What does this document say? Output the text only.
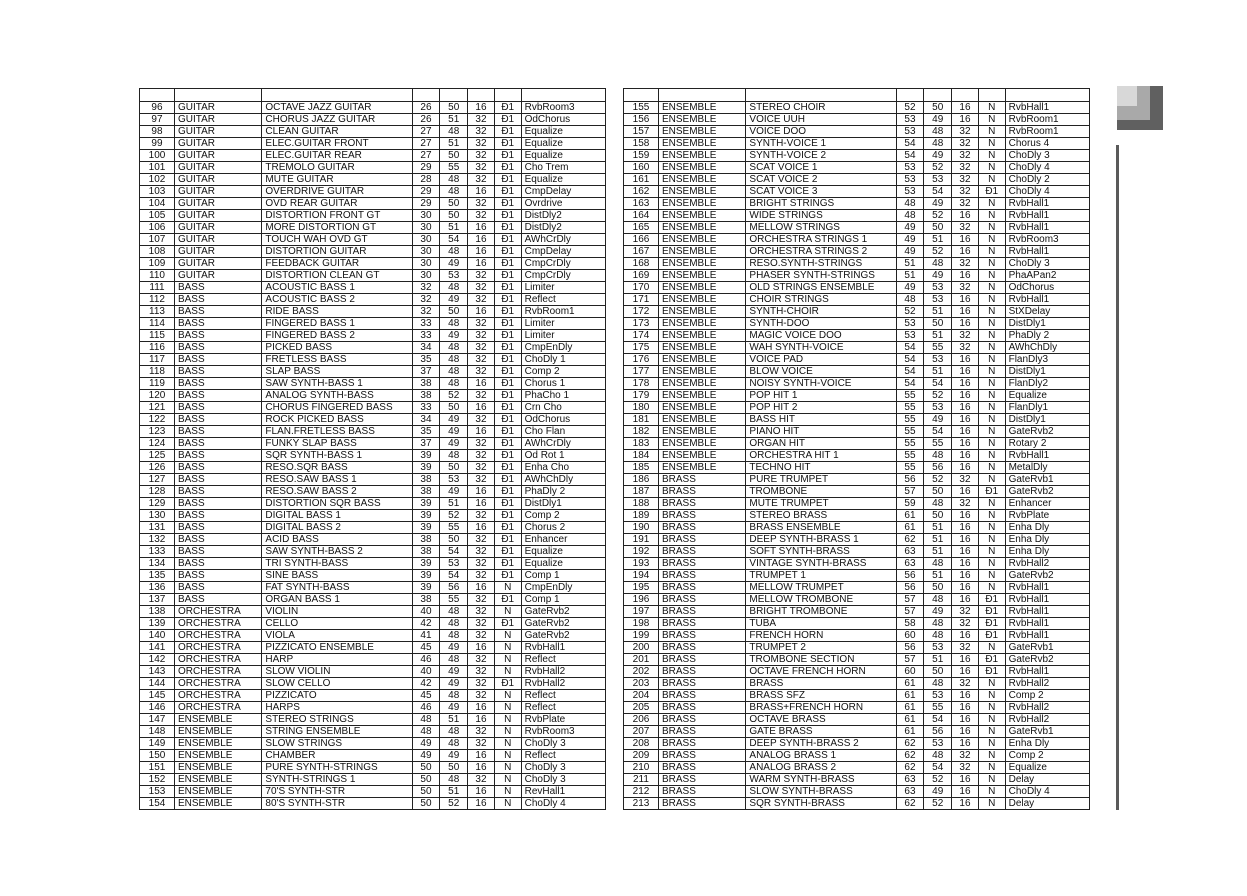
96	GUITAR	OCTAVE JAZZ GUITAR	26	50	16	Ð1	RvbRoom3
97	GUITAR	CHORUS JAZZ GUITAR	26	51	32	Ð1	OdChorus
98	GUITAR	CLEAN GUITAR	27	48	32	Ð1	Equalize
99	GUITAR	ELEC.GUITAR FRONT	27	51	32	Ð1	Equalize
100	GUITAR	ELEC.GUITAR REAR	27	50	32	Ð1	Equalize
101	GUITAR	TREMOLO GUITAR	29	55	32	Ð1	Cho Trem
102	GUITAR	MUTE GUITAR	28	48	32	Ð1	Equalize
103	GUITAR	OVERDRIVE GUITAR	29	48	16	Ð1	CmpDelay
104	GUITAR	OVD REAR GUITAR	29	50	32	Ð1	Ovrdrive
105	GUITAR	DISTORTION FRONT GT	30	50	32	Ð1	DistDly2
106	GUITAR	MORE DISTORTION GT	30	51	16	Ð1	DistDly2
107	GUITAR	TOUCH WAH OVD GT	30	54	16	Ð1	AWhCrDly
108	GUITAR	DISTORTION GUITAR	30	48	16	Ð1	CmpDelay
109	GUITAR	FEEDBACK GUITAR	30	49	16	Ð1	CmpCrDly
110	GUITAR	DISTORTION CLEAN GT	30	53	32	Ð1	CmpCrDly
111	BASS	ACOUSTIC BASS 1	32	48	32	Ð1	Limiter
112	BASS	ACOUSTIC BASS 2	32	49	32	Ð1	Reflect
113	BASS	RIDE BASS	32	50	16	Ð1	RvbRoom1
114	BASS	FINGERED BASS 1	33	48	32	Ð1	Limiter
115	BASS	FINGERED BASS 2	33	49	32	Ð1	Limiter
116	BASS	PICKED BASS	34	48	32	Ð1	CmpEnDly
117	BASS	FRETLESS BASS	35	48	32	Ð1	ChoDly 1
118	BASS	SLAP BASS	37	48	32	Ð1	Comp 2
119	BASS	SAW SYNTH-BASS 1	38	48	16	Ð1	Chorus 1
120	BASS	ANALOG SYNTH-BASS	38	52	32	Ð1	PhaCho 1
121	BASS	CHORUS FINGERED BASS	33	50	16	Ð1	Crn Cho
122	BASS	ROCK PICKED BASS	34	49	32	Ð1	OdChorus
123	BASS	FLAN.FRETLESS BASS	35	49	16	Ð1	Cho Flan
124	BASS	FUNKY SLAP BASS	37	49	32	Ð1	AWhCrDly
125	BASS	SQR SYNTH-BASS 1	39	48	32	Ð1	Od Rot 1
126	BASS	RESO.SQR BASS	39	50	32	Ð1	Enha Cho
127	BASS	RESO.SAW BASS 1	38	53	32	Ð1	AWhChDly
128	BASS	RESO.SAW BASS 2	38	49	16	Ð1	PhaDly 2
129	BASS	DISTORTION SQR BASS	39	51	16	Ð1	DistDly1
130	BASS	DIGITAL BASS 1	39	52	32	Ð1	Comp 2
131	BASS	DIGITAL BASS 2	39	55	16	Ð1	Chorus 2
132	BASS	ACID BASS	38	50	32	Ð1	Enhancer
133	BASS	SAW SYNTH-BASS 2	38	54	32	Ð1	Equalize
134	BASS	TRI SYNTH-BASS	39	53	32	Ð1	Equalize
135	BASS	SINE BASS	39	54	32	Ð1	Comp 1
136	BASS	FAT SYNTH-BASS	39	56	16	N	CmpEnDly
137	BASS	ORGAN BASS 1	38	55	32	Ð1	Comp 1
138	ORCHESTRA	VIOLIN	40	48	32	N	GateRvb2
139	ORCHESTRA	CELLO	42	48	32	Ð1	GateRvb2
140	ORCHESTRA	VIOLA	41	48	32	N	GateRvb2
141	ORCHESTRA	PIZZICATO ENSEMBLE	45	49	16	N	RvbHall1
142	ORCHESTRA	HARP	46	48	32	N	Reflect
143	ORCHESTRA	SLOW VIOLIN	40	49	32	N	RvbHall2
144	ORCHESTRA	SLOW CELLO	42	49	32	Ð1	RvbHall2
145	ORCHESTRA	PIZZICATO	45	48	32	N	Reflect
146	ORCHESTRA	HARPS	46	49	16	N	Reflect
147	ENSEMBLE	STEREO STRINGS	48	51	16	N	RvbPlate
148	ENSEMBLE	STRING ENSEMBLE	48	48	32	N	RvbRoom3
149	ENSEMBLE	SLOW STRINGS	49	48	32	N	ChoDly 3
150	ENSEMBLE	CHAMBER	49	49	16	N	Reflect
151	ENSEMBLE	PURE SYNTH-STRINGS	50	50	16	N	ChoDly 3
152	ENSEMBLE	SYNTH-STRINGS 1	50	48	32	N	ChoDly 3
153	ENSEMBLE	70'S SYNTH-STR	50	51	16	N	RevHall1
154	ENSEMBLE	80'S SYNTH-STR	50	52	16	N	ChoDly 4

155	ENSEMBLE	STEREO CHOIR	52	50	16	N	RvbHall1
156	ENSEMBLE	VOICE UUH	53	49	16	N	RvbRoom1
157	ENSEMBLE	VOICE DOO	53	48	32	N	RvbRoom1
158	ENSEMBLE	SYNTH-VOICE 1	54	48	32	N	Chorus 4
159	ENSEMBLE	SYNTH-VOICE 2	54	49	32	N	ChoDly 3
160	ENSEMBLE	SCAT VOICE 1	53	52	32	N	ChoDly 4
161	ENSEMBLE	SCAT VOICE 2	53	53	32	N	ChoDly 2
162	ENSEMBLE	SCAT VOICE 3	53	54	32	Ð1	ChoDly 4
163	ENSEMBLE	BRIGHT STRINGS	48	49	32	N	RvbHall1
164	ENSEMBLE	WIDE STRINGS	48	52	16	N	RvbHall1
165	ENSEMBLE	MELLOW STRINGS	49	50	32	N	RvbHall1
166	ENSEMBLE	ORCHESTRA STRINGS 1	49	51	16	N	RvbRoom3
167	ENSEMBLE	ORCHESTRA STRINGS 2	49	52	16	N	RvbHall1
168	ENSEMBLE	RESO.SYNTH-STRINGS	51	48	32	N	ChoDly 3
169	ENSEMBLE	PHASER SYNTH-STRINGS	51	49	16	N	PhaAPan2
170	ENSEMBLE	OLD STRINGS ENSEMBLE	49	53	32	N	OdChorus
171	ENSEMBLE	CHOIR STRINGS	48	53	16	N	RvbHall1
172	ENSEMBLE	SYNTH-CHOIR	52	51	16	N	StXDelay
173	ENSEMBLE	SYNTH-DOO	53	50	16	N	DistDly1
174	ENSEMBLE	MAGIC VOICE DOO	53	51	32	N	PhaDly 2
175	ENSEMBLE	WAH SYNTH-VOICE	54	55	32	N	AWhChDly
176	ENSEMBLE	VOICE PAD	54	53	16	N	FlanDly3
177	ENSEMBLE	BLOW VOICE	54	51	16	N	DistDly1
178	ENSEMBLE	NOISY SYNTH-VOICE	54	54	16	N	FlanDly2
179	ENSEMBLE	POP HIT 1	55	52	16	N	Equalize
180	ENSEMBLE	POP HIT 2	55	53	16	N	FlanDly1
181	ENSEMBLE	BASS HIT	55	49	16	N	DistDly1
182	ENSEMBLE	PIANO HIT	55	54	16	N	GateRvb2
183	ENSEMBLE	ORGAN HIT	55	55	16	N	Rotary 2
184	ENSEMBLE	ORCHESTRA HIT 1	55	48	16	N	RvbHall1
185	ENSEMBLE	TECHNO HIT	55	56	16	N	MetalDly
186	BRASS	PURE TRUMPET	56	52	32	N	GateRvb1
187	BRASS	TROMBONE	57	50	16	Ð1	GateRvb2
188	BRASS	MUTE TRUMPET	59	48	32	N	Enhancer
189	BRASS	STEREO BRASS	61	50	16	N	RvbPlate
190	BRASS	BRASS ENSEMBLE	61	51	16	N	Enha Dly
191	BRASS	DEEP SYNTH-BRASS 1	62	51	16	N	Enha Dly
192	BRASS	SOFT SYNTH-BRASS	63	51	16	N	Enha Dly
193	BRASS	VINTAGE SYNTH-BRASS	63	48	16	N	RvbHall2
194	BRASS	TRUMPET 1	56	51	16	N	GateRvb2
195	BRASS	MELLOW TRUMPET	56	50	16	N	RvbHall1
196	BRASS	MELLOW TROMBONE	57	48	16	Ð1	RvbHall1
197	BRASS	BRIGHT TROMBONE	57	49	32	Ð1	RvbHall1
198	BRASS	TUBA	58	48	32	Ð1	RvbHall1
199	BRASS	FRENCH HORN	60	48	16	Ð1	RvbHall1
200	BRASS	TRUMPET 2	56	53	32	N	GateRvb1
201	BRASS	TROMBONE SECTION	57	51	16	Ð1	GateRvb2
202	BRASS	OCTAVE FRENCH HORN	60	50	16	Ð1	RvbHall1
203	BRASS	BRASS	61	48	32	N	RvbHall2
204	BRASS	BRASS SFZ	61	53	16	N	Comp 2
205	BRASS	BRASS+FRENCH HORN	61	55	16	N	RvbHall2
206	BRASS	OCTAVE BRASS	61	54	16	N	RvbHall2
207	BRASS	GATE BRASS	61	56	16	N	GateRvb1
208	BRASS	DEEP SYNTH-BRASS 2	62	53	16	N	Enha Dly
209	BRASS	ANALOG BRASS 1	62	48	32	N	Comp 2
210	BRASS	ANALOG BRASS 2	62	54	32	N	Equalize
211	BRASS	WARM SYNTH-BRASS	63	52	16	N	Delay
212	BRASS	SLOW SYNTH-BRASS	63	49	16	N	ChoDly 4
213	BRASS	SQR SYNTH-BRASS	62	52	16	N	Delay
